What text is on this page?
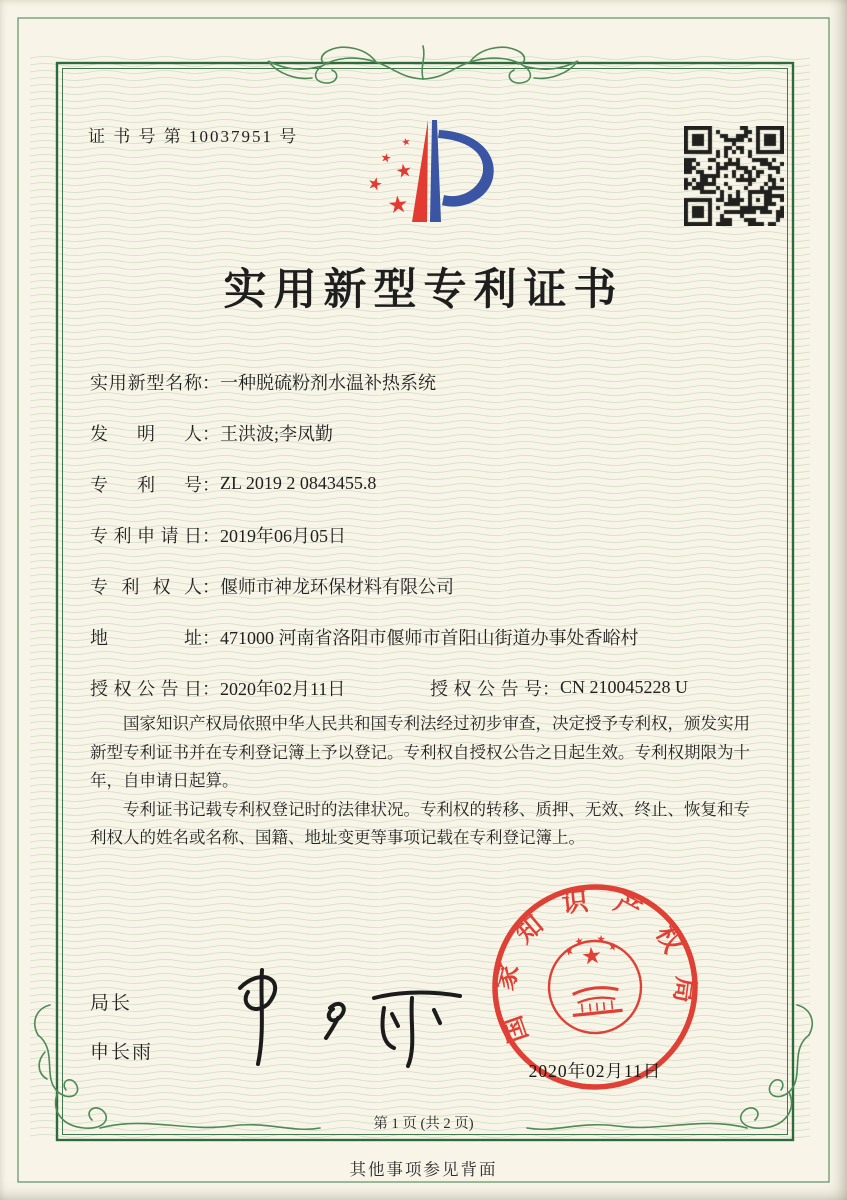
证 书 号 第 10037951 号
实用新型专利证书
实用新型名称 ： 一种脱硫粉剂水温补热系统
发明人 ： 王洪波;李凤勤
专利号 ： ZL 2019 2 0843455.8
专利申请日 ： 2019年06月05日
专利权人 ： 偃师市神龙环保材料有限公司
地址 ： 471000 河南省洛阳市偃师市首阳山街道办事处香峪村
授权公告日 ： 2020年02月11日	授权公告号 ： CN 210045228 U

国家知识产权局依照中华人民共和国专利法经过初步审查，决定授予专利权，颁发实用新型专利证书并在专利登记簿上予以登记。专利权自授权公告之日起生效。专利权期限为十年，自申请日起算。

专利证书记载专利权登记时的法律状况。专利权的转移、质押、无效、终止、恢复和专利权人的姓名或名称、国籍、地址变更等事项记载在专利登记簿上。

局长
申长雨
国家知识产权局
2020年02月11日
第 1 页 (共 2 页)
其他事项参见背面
